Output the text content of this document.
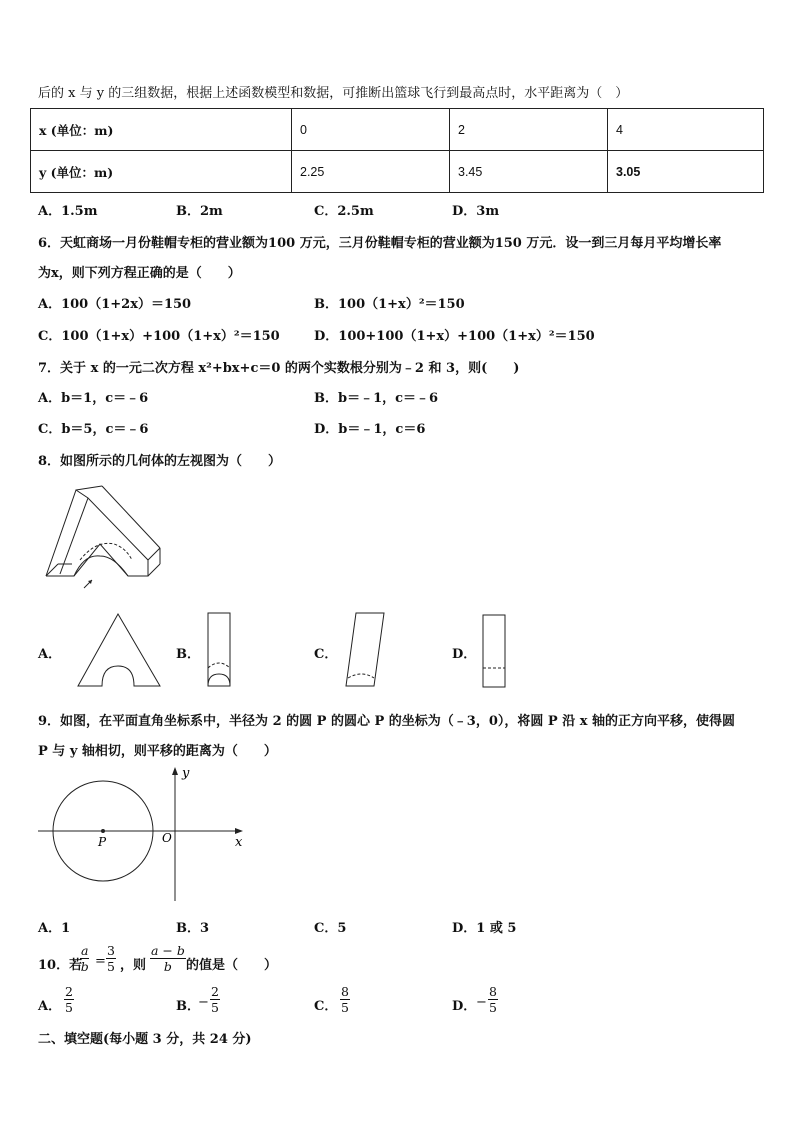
后的 x 与 y 的三组数据，根据上述函数模型和数据，可推断出篮球飞行到最高点时，水平距离为（　）
x (单位：m)	0	2	4
y (单位：m)	2.25	3.45	3.05
A．1.5m	B．2m	C．2.5m	D．3m
6．天虹商场一月份鞋帽专柜的营业额为100 万元，三月份鞋帽专柜的营业额为150 万元．设一到三月每月平均增长率
为x，则下列方程正确的是（　　）
A．100（1+2x）＝150	B．100（1+x）²＝150
C．100（1+x）+100（1+x）²＝150	D．100+100（1+x）+100（1+x）²＝150
7．关于 x 的一元二次方程 x²+bx+c＝0 的两个实数根分别为﹣2 和 3，则(　　)
A．b＝1，c＝﹣6	B．b＝﹣1，c＝﹣6
C．b＝5，c＝﹣6	D．b＝﹣1，c＝6
8．如图所示的几何体的左视图为（　　）
A．	B．	C．	D．
9．如图，在平面直角坐标系中，半径为 2 的圆 P 的圆心 P 的坐标为（﹣3，0），将圆 P 沿 x 轴的正方向平移，使得圆
P 与 y 轴相切，则平移的距离为（　　）
y
x
O
P
A．1	B．3	C．5	D．1 或 5
10．若
$\frac{a}{b} = \frac{3}{5}$ ，则 $\frac{a - b}{b}$ 的值是（　　）
A． $\frac{2}{5}$	B．
− $\frac{2}{5}$	C． $\frac{8}{5}$	D． − $\frac{8}{5}$
二、填空题(每小题 3 分，共 24 分)
